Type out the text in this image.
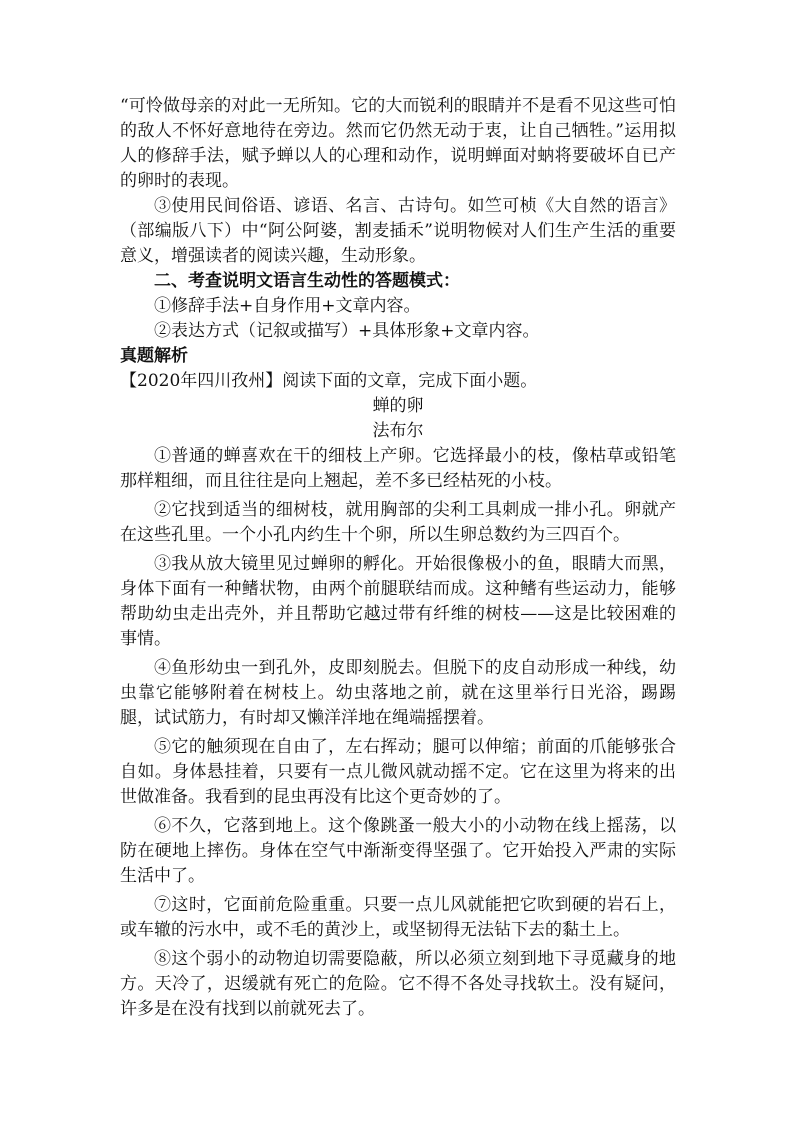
“可怜做母亲的对此一无所知。它的大而锐利的眼睛并不是看不见这些可怕的敌人不怀好意地待在旁边。然而它仍然无动于衷，让自己牺牲。”运用拟人的修辞手法，赋予蝉以人的心理和动作，说明蝉面对蚋将要破坏自已产的卵时的表现。

③使用民间俗语、谚语、名言、古诗句。如竺可桢《大自然的语言》（部编版八下）中“阿公阿婆，割麦插禾”说明物候对人们生产生活的重要意义，增强读者的阅读兴趣，生动形象。

二、考查说明文语言生动性的答题模式：

①修辞手法+自身作用+文章内容。

②表达方式（记叙或描写）+具体形象+文章内容。

真题解析

【2020年四川孜州】阅读下面的文章，完成下面小题。

蝉的卵

法布尔

①普通的蝉喜欢在干的细枝上产卵。它选择最小的枝，像枯草或铅笔那样粗细，而且往往是向上翘起，差不多已经枯死的小枝。

②它找到适当的细树枝，就用胸部的尖利工具刺成一排小孔。卵就产在这些孔里。一个小孔内约生十个卵，所以生卵总数约为三四百个。

③我从放大镜里见过蝉卵的孵化。开始很像极小的鱼，眼睛大而黑，身体下面有一种鳍状物，由两个前腿联结而成。这种鳍有些运动力，能够帮助幼虫走出壳外，并且帮助它越过带有纤维的树枝——这是比较困难的事情。

④鱼形幼虫一到孔外，皮即刻脱去。但脱下的皮自动形成一种线，幼虫靠它能够附着在树枝上。幼虫落地之前，就在这里举行日光浴，踢踢腿，试试筋力，有时却又懒洋洋地在绳端摇摆着。

⑤它的触须现在自由了，左右挥动；腿可以伸缩；前面的爪能够张合自如。身体悬挂着，只要有一点儿微风就动摇不定。它在这里为将来的出世做准备。我看到的昆虫再没有比这个更奇妙的了。

⑥不久，它落到地上。这个像跳蚤一般大小的小动物在线上摇荡，以防在硬地上摔伤。身体在空气中渐渐变得坚强了。它开始投入严肃的实际生活中了。

⑦这时，它面前危险重重。只要一点儿风就能把它吹到硬的岩石上，或车辙的污水中，或不毛的黄沙上，或坚韧得无法钻下去的黏土上。

⑧这个弱小的动物迫切需要隐蔽，所以必须立刻到地下寻觅藏身的地方。天冷了，迟缓就有死亡的危险。它不得不各处寻找软土。没有疑问，许多是在没有找到以前就死去了。
